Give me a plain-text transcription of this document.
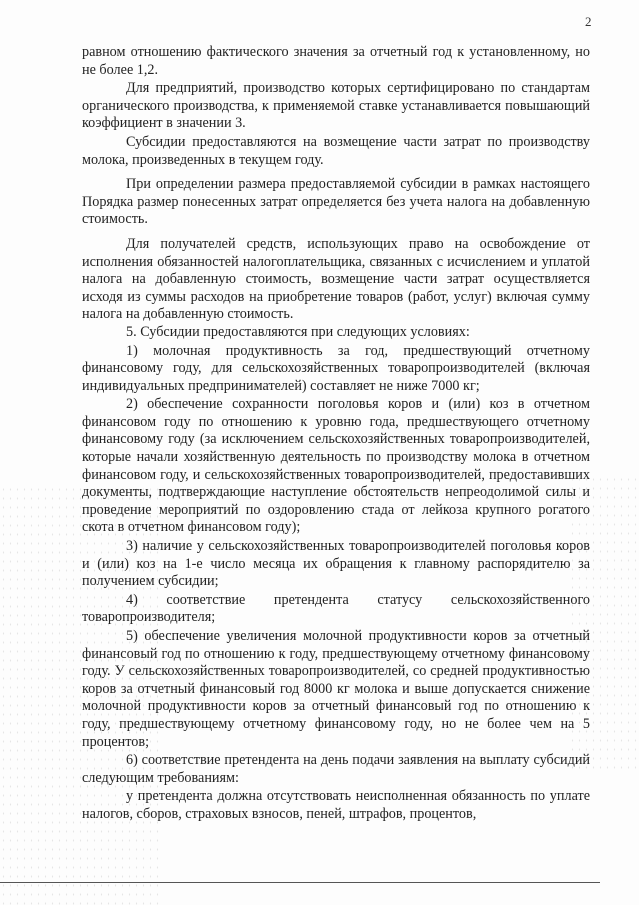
2

равном отношению фактического значения за отчетный год к установленному, но не более 1,2.

Для предприятий, производство которых сертифицировано по стандартам органического производства, к применяемой ставке устанавливается повышающий коэффициент в значении 3.

Субсидии предоставляются на возмещение части затрат по производству молока, произведенных в текущем году.

При определении размера предоставляемой субсидии в рамках настоящего Порядка размер понесенных затрат определяется без учета налога на добавленную стоимость.

Для получателей средств, использующих право на освобождение от исполнения обязанностей налогоплательщика, связанных с исчислением и уплатой налога на добавленную стоимость, возмещение части затрат осуществляется исходя из суммы расходов на приобретение товаров (работ, услуг) включая сумму налога на добавленную стоимость.

5. Субсидии предоставляются при следующих условиях:

1) молочная продуктивность за год, предшествующий отчетному финансовому году, для сельскохозяйственных товаропроизводителей (включая индивидуальных предпринимателей) составляет не ниже 7000 кг;

2) обеспечение сохранности поголовья коров и (или) коз в отчетном финансовом году по отношению к уровню года, предшествующего отчетному финансовому году (за исключением сельскохозяйственных товаропроизводителей, которые начали хозяйственную деятельность по производству молока в отчетном финансовом году, и сельскохозяйственных товаропроизводителей, предоставивших документы, подтверждающие наступление обстоятельств непреодолимой силы и проведение мероприятий по оздоровлению стада от лейкоза крупного рогатого скота в отчетном финансовом году);

3) наличие у сельскохозяйственных товаропроизводителей поголовья коров и (или) коз на 1-е число месяца их обращения к главному распорядителю за получением субсидии;

4) соответствие претендента статусу сельскохозяйственного товаропроизводителя;

5) обеспечение увеличения молочной продуктивности коров за отчетный финансовый год по отношению к году, предшествующему отчетному финансовому году. У сельскохозяйственных товаропроизводителей, со средней продуктивностью коров за отчетный финансовый год 8000 кг молока и выше допускается снижение молочной продуктивности коров за отчетный финансовый год по отношению к году, предшествующему отчетному финансовому году, но не более чем на 5 процентов;

6) соответствие претендента на день подачи заявления на выплату субсидий следующим требованиям:

у претендента должна отсутствовать неисполненная обязанность по уплате налогов, сборов, страховых взносов, пеней, штрафов, процентов,
